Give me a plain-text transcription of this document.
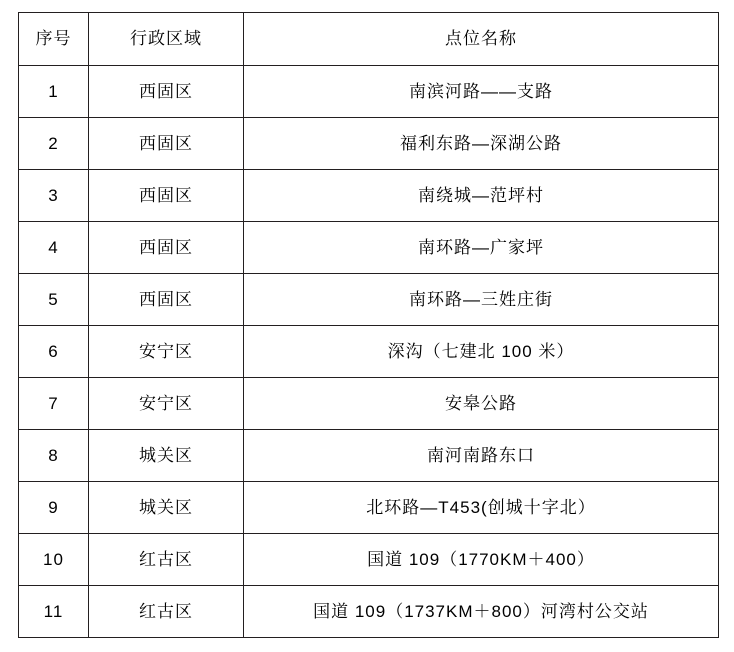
序号	行政区域	点位名称
1	西固区	南滨河路——支路
2	西固区	福利东路—深湖公路
3	西固区	南绕城—范坪村
4	西固区	南环路—广家坪
5	西固区	南环路—三姓庄街
6	安宁区	深沟（七建北 100 米）
7	安宁区	安皋公路
8	城关区	南河南路东口
9	城关区	北环路—T453(创城十字北）
10	红古区	国道 109（1770KM＋400）
11	红古区	国道 109（1737KM＋800）河湾村公交站
